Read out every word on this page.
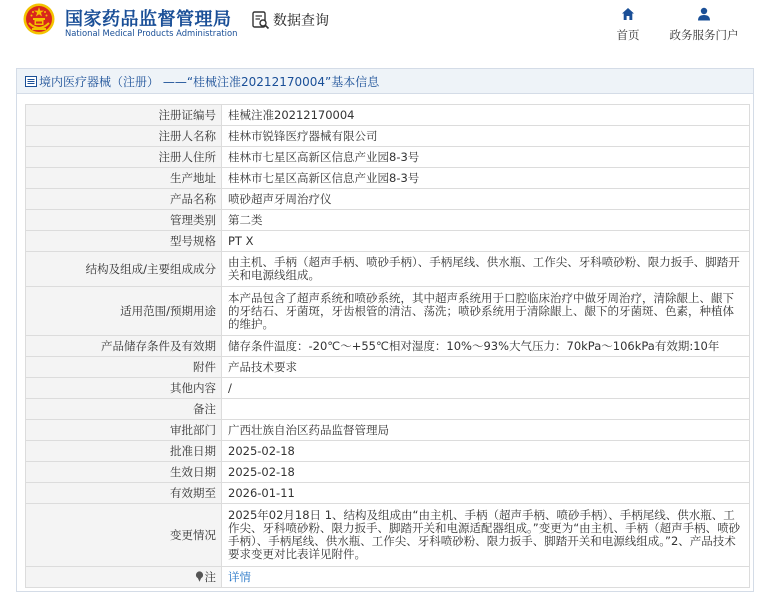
国家药品监督管理局
National Medical Products Administration
数据查询
首页	政务服务门户
境内医疗器械（注册） ——“桂械注准20212170004”基本信息
注册证编号	桂械注准20212170004
注册人名称	桂林市锐锋医疗器械有限公司
注册人住所	桂林市七星区高新区信息产业园8-3号
生产地址	桂林市七星区高新区信息产业园8-3号
产品名称	喷砂超声牙周治疗仪
管理类别	第二类
型号规格	PT X
结构及组成/主要组成成分	由主机、手柄（超声手柄、喷砂手柄）、手柄尾线、供水瓶、工作尖、牙科喷砂粉、限力扳手、脚踏开关和电源线组成。
适用范围/预期用途	本产品包含了超声系统和喷砂系统，其中超声系统用于口腔临床治疗中做牙周治疗，清除龈上、龈下的牙结石、牙菌斑，牙齿根管的清洁、荡洗；喷砂系统用于清除龈上、龈下的牙菌斑、色素，种植体的维护。
产品储存条件及有效期	储存条件温度：-20℃～+55℃相对湿度：10%～93%大气压力：70kPa～106kPa有效期:10年
附件	产品技术要求
其他内容	/
备注	
审批部门	广西壮族自治区药品监督管理局
批准日期	2025-02-18
生效日期	2025-02-18
有效期至	2026-01-11
变更情况	2025年02月18日 1、结构及组成由“由主机、手柄（超声手柄、喷砂手柄）、手柄尾线、供水瓶、工作尖、牙科喷砂粉、限力扳手、脚踏开关和电源适配器组成。”变更为“由主机、手柄（超声手柄、喷砂手柄）、手柄尾线、供水瓶、工作尖、牙科喷砂粉、限力扳手、脚踏开关和电源线组成。”2、产品技术要求变更对比表详见附件。
注	详情
